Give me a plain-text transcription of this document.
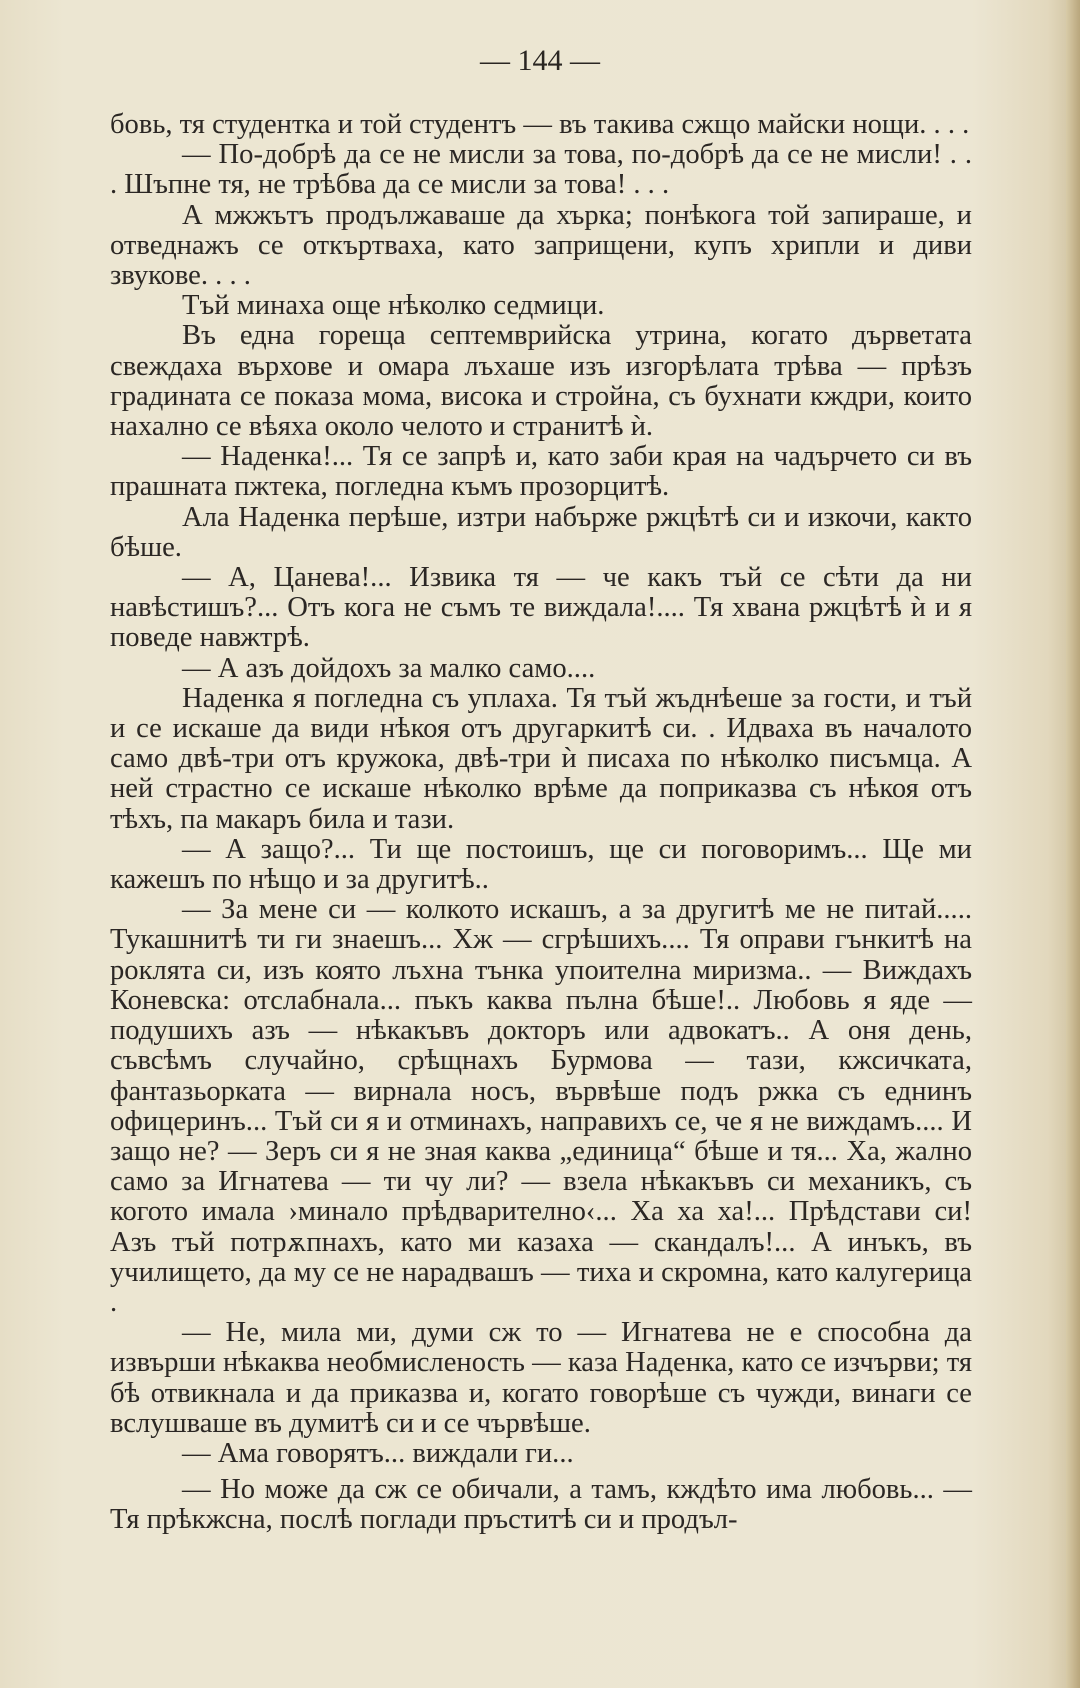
— 144 —

бовь, тя студентка и той студентъ — въ такива сжщо майски нощи. . . .

— По-добрѣ да се не мисли за това, по-добрѣ да се не мисли! . . . Шъпне тя, не трѣбва да се мисли за това! . . .

А мжжътъ продължаваше да хърка; понѣкога той запираше, и отведнажъ се откъртваха, като заприщени, купъ хрипли и диви звукове. . . .

Тъй минаха още нѣколко седмици.

Въ една гореща септемврийска утрина, когато дърветата свеждаха върхове и омара лъхаше изъ изгорѣлата трѣва — прѣзъ градината се показа мома, висока и стройна, съ бухнати кждри, които нахално се вѣяха около челото и странитѣ ѝ.

— Наденка!... Тя се запрѣ и, като заби края на чадърчето си въ прашната пжтека, погледна къмъ прозорцитѣ.

Ала Наденка перѣше, изтри набърже ржцѣтѣ си и изкочи, както бѣше.

— А, Цанева!... Извика тя — че какъ тъй се сѣти да ни навѣстишъ?... Отъ кога не съмъ те виждала!.... Тя хвана ржцѣтѣ ѝ и я поведе навжтрѣ.

— А азъ дойдохъ за малко само....

Наденка я погледна съ уплаха. Тя тъй жъднѣеше за гости, и тъй и се искаше да види нѣкоя отъ другаркитѣ си. . Идваха въ началото само двѣ-три отъ кружока, двѣ-три ѝ писаха по нѣколко писъмца. А ней страстно се искаше нѣколко врѣме да поприказва съ нѣкоя отъ тѣхъ, па макаръ била и тази.

— А защо?... Ти ще постоишъ, ще си поговоримъ... Ще ми кажешъ по нѣщо и за другитѣ..

— За мене си — колкото искашъ, а за другитѣ ме не питай..... Тукашнитѣ ти ги знаешъ... Хж — сгрѣшихъ.... Тя оправи гънкитѣ на роклята си, изъ която лъхна тънка упоителна миризма.. — Виждахъ Коневска: отслабнала... пъкъ каква пълна бѣше!.. Любовь я яде — подушихъ азъ — нѣкакъвъ докторъ или адвокатъ.. А оня день, съвсѣмъ случайно, срѣщнахъ Бурмова — тази, кжсичката, фантазьорката — вирнала носъ, вървѣше подъ ржка съ еднинъ офицеринъ... Тъй си я и отминахъ, направихъ се, че я не виждамъ.... И защо не? — Зеръ си я не зная каква „единица“ бѣше и тя... Ха, жално само за Игнатева — ти чу ли? — взела нѣкакъвъ си механикъ, съ когото имала ›минало прѣдварително‹... Ха ха ха!... Прѣдстави си! Азъ тъй потрѫпнахъ, като ми казаха — скандалъ!... А инъкъ, въ училището, да му се не нарадвашъ — тиха и скромна, като калугерица .

— Не, мила ми, думи сж то — Игнатева не е способна да извърши нѣкаква необмисленость — каза Наденка, като се изчърви; тя бѣ отвикнала и да приказва и, когато говорѣше съ чужди, винаги се вслушваше въ думитѣ си и се чървѣше.

— Ама говорятъ... виждали ги...

— Но може да сж се обичали, а тамъ, кждѣто има любовь... — Тя прѣкжсна, послѣ поглади пръститѣ си и продъл-
